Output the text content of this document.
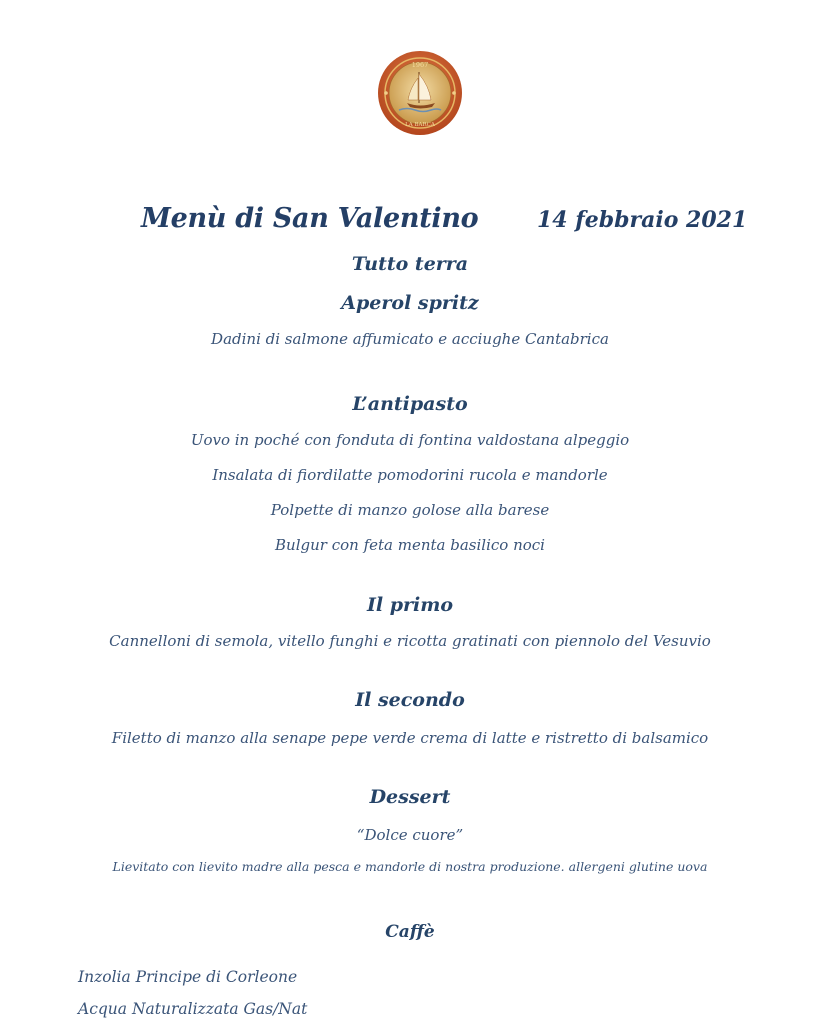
1967
LA BARCA
Menù di San Valentino	14 febbraio 2021
Tutto terra
Aperol spritz
Dadini di salmone affumicato e acciughe Cantabrica
L’antipasto
Uovo in poché con fonduta di fontina valdostana alpeggio
Insalata di fiordilatte pomodorini rucola e mandorle
Polpette di manzo golose alla barese
Bulgur con feta menta basilico noci
Il primo
Cannelloni di semola, vitello funghi e ricotta gratinati con piennolo del Vesuvio
Il secondo
Filetto di manzo alla senape pepe verde crema di latte e ristretto di balsamico
Dessert
“Dolce cuore”
Lievitato con lievito madre alla pesca e mandorle di nostra produzione. allergeni glutine uova
Caffè
Inzolia Principe di Corleone
Acqua Naturalizzata Gas/Nat
